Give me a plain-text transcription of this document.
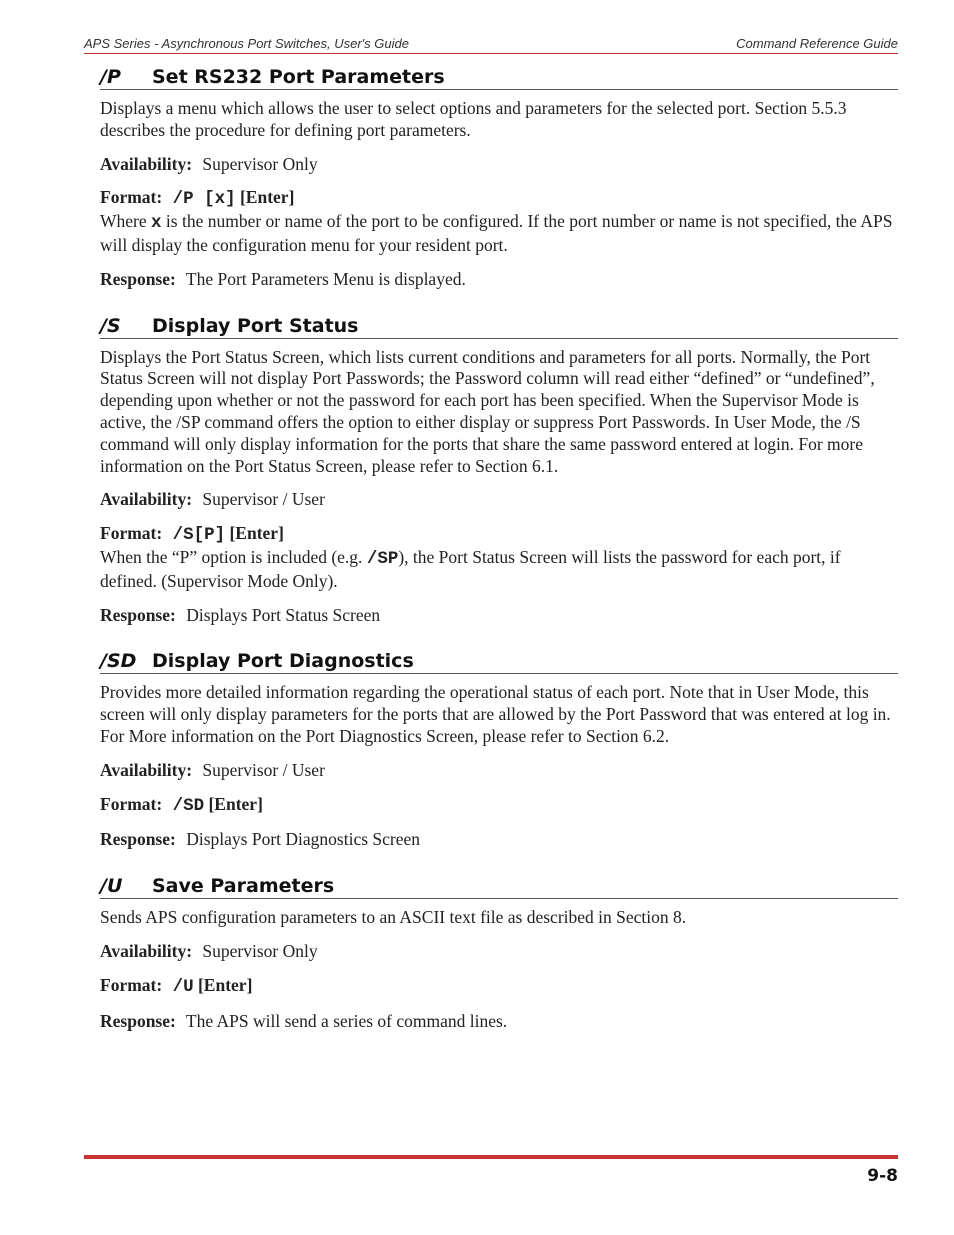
APS Series - Asynchronous Port Switches, User's Guide	Command Reference Guide
/P	Set RS232 Port Parameters

Displays a menu which allows the user to select options and parameters for the selected port. Section 5.5.3 describes the procedure for defining port parameters.

Availability: Supervisor Only

Format: /P [x] [Enter]

Where x is the number or name of the port to be configured. If the port number or name is not specified, the APS will display the configuration menu for your resident port.

Response: The Port Parameters Menu is displayed.

/S	Display Port Status

Displays the Port Status Screen, which lists current conditions and parameters for all ports. Normally, the Port Status Screen will not display Port Passwords; the Password column will read either “defined” or “undefined”, depending upon whether or not the password for each port has been specified. When the Supervisor Mode is active, the /SP command offers the option to either display or suppress Port Passwords. In User Mode, the /S command will only display information for the ports that share the same password entered at login. For more information on the Port Status Screen, please refer to Section 6.1.

Availability: Supervisor / User

Format: /S[P] [Enter]

When the “P” option is included (e.g. /SP), the Port Status Screen will lists the password for each port, if defined. (Supervisor Mode Only).

Response: Displays Port Status Screen

/SD Display Port Diagnostics

Provides more detailed information regarding the operational status of each port. Note that in User Mode, this screen will only display parameters for the ports that are allowed by the Port Password that was entered at log in. For More information on the Port Diagnostics Screen, please refer to Section 6.2.

Availability: Supervisor / User

Format: /SD [Enter]

Response: Displays Port Diagnostics Screen

/U	Save Parameters

Sends APS configuration parameters to an ASCII text file as described in Section 8.

Availability: Supervisor Only

Format: /U [Enter]

Response: The APS will send a series of command lines.

9-8
